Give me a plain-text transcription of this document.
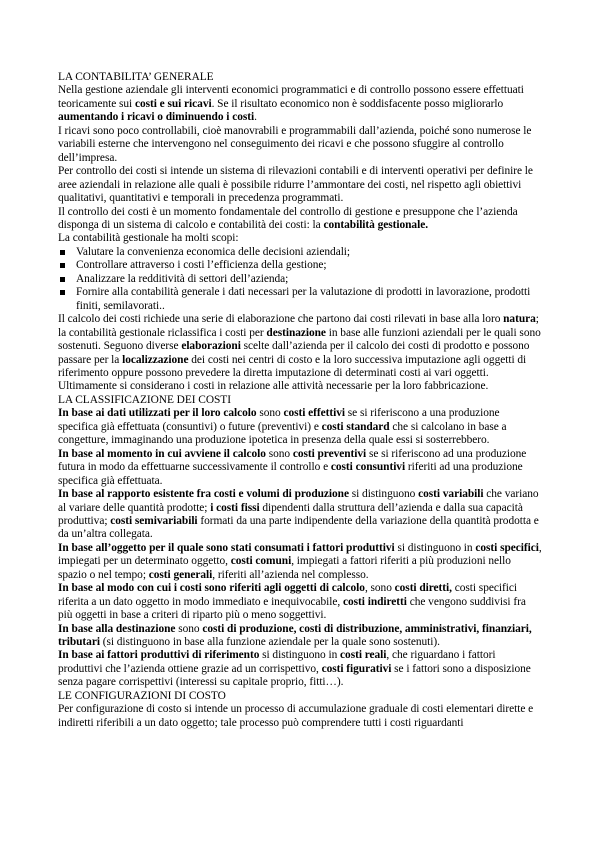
LA CONTABILITA’ GENERALE

Nella gestione aziendale gli interventi economici programmatici e di controllo possono essere effettuati teoricamente sui costi e sui ricavi. Se il risultato economico non è soddisfacente posso migliorarlo aumentando i ricavi o diminuendo i costi.

I ricavi sono poco controllabili, cioè manovrabili e programmabili dall’azienda, poiché sono numerose le variabili esterne che intervengono nel conseguimento dei ricavi e che possono sfuggire al controllo dell’impresa.

Per controllo dei costi si intende un sistema di rilevazioni contabili e di interventi operativi per definire le aree aziendali in relazione alle quali è possibile ridurre l’ammontare dei costi, nel rispetto agli obiettivi qualitativi, quantitativi e temporali in precedenza programmati.

Il controllo dei costi è un momento fondamentale del controllo di gestione e presuppone che l’azienda disponga di un sistema di calcolo e contabilità dei costi: la contabilità gestionale.

La contabilità gestionale ha molti scopi:

Valutare la convenienza economica delle decisioni aziendali;
Controllare attraverso i costi l’efficienza della gestione;
Analizzare la redditività di settori dell’azienda;
Fornire alla contabilità generale i dati necessari per la valutazione di prodotti in lavorazione, prodotti finiti, semilavorati..

Il calcolo dei costi richiede una serie di elaborazione che partono dai costi rilevati in base alla loro natura; la contabilità gestionale riclassifica i costi per destinazione in base alle funzioni aziendali per le quali sono sostenuti. Seguono diverse elaborazioni scelte dall’azienda per il calcolo dei costi di prodotto e possono passare per la localizzazione dei costi nei centri di costo e la loro successiva imputazione agli oggetti di riferimento oppure possono prevedere la diretta imputazione di determinati costi ai vari oggetti. Ultimamente si considerano i costi in relazione alle attività necessarie per la loro fabbricazione.

LA CLASSIFICAZIONE DEI COSTI

In base ai dati utilizzati per il loro calcolo sono costi effettivi se si riferiscono a una produzione specifica già effettuata (consuntivi) o future (preventivi) e costi standard che si calcolano in base a congetture, immaginando una produzione ipotetica in presenza della quale essi si sosterrebbero.

In base al momento in cui avviene il calcolo sono costi preventivi se si riferiscono ad una produzione futura in modo da effettuarne successivamente il controllo e costi consuntivi riferiti ad una produzione specifica già effettuata.

In base al rapporto esistente fra costi e volumi di produzione si distinguono costi variabili che variano al variare delle quantità prodotte; i costi fissi dipendenti dalla struttura dell’azienda e dalla sua capacità produttiva; costi semivariabili formati da una parte indipendente della variazione della quantità prodotta e da un’altra collegata.

In base all’oggetto per il quale sono stati consumati i fattori produttivi si distinguono in costi specifici, impiegati per un determinato oggetto, costi comuni, impiegati a fattori riferiti a più produzioni nello spazio o nel tempo; costi generali, riferiti all’azienda nel complesso.

In base al modo con cui i costi sono riferiti agli oggetti di calcolo, sono costi diretti, costi specifici riferita a un dato oggetto in modo immediato e inequivocabile, costi indiretti che vengono suddivisi fra più oggetti in base a criteri di riparto più o meno soggettivi.

In base alla destinazione sono costi di produzione, costi di distribuzione, amministrativi, finanziari, tributari (si distinguono in base alla funzione aziendale per la quale sono sostenuti).

In base ai fattori produttivi di riferimento si distinguono in costi reali, che riguardano i fattori produttivi che l’azienda ottiene grazie ad un corrispettivo, costi figurativi se i fattori sono a disposizione senza pagare corrispettivi (interessi su capitale proprio, fitti…).

LE CONFIGURAZIONI DI COSTO

Per configurazione di costo si intende un processo di accumulazione graduale di costi elementari dirette e indiretti riferibili a un dato oggetto; tale processo può comprendere tutti i costi riguardanti
